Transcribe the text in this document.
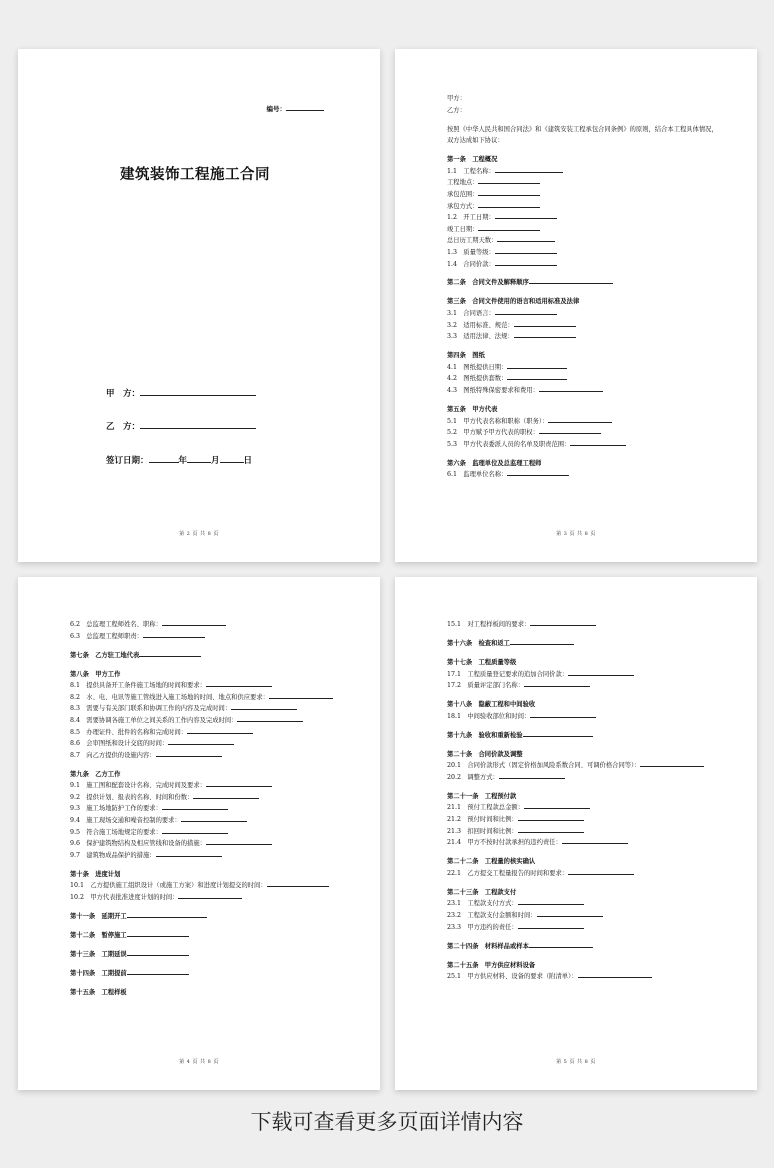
编号：
建筑装饰工程施工合同
甲　方：
乙　方：
签订日期：	年	月	日
第 2 页 共 8 页
甲方：
乙方：
按照《中华人民共和国合同法》和《建筑安装工程承包合同条例》的原则，结合本工程具体情况，
双方达成如下协议：
第一条　工程概况
1.1　工程名称：
工程地点：
承包范围：
承包方式：
1.2　开工日期：
竣工日期：
总日历工期天数：
1.3　质量等级：
1.4　合同价款：
第二条　合同文件及解释顺序
第三条　合同文件使用的语言和适用标准及法律
3.1　合同语言：
3.2　适用标准、规范：
3.3　适用法律、法规：
第四条　图纸
4.1　图纸提供日期：
4.2　图纸提供套数：
4.3　图纸特殊保密要求和费用：
第五条　甲方代表
5.1　甲方代表名称和职称（职务）：
5.2　甲方赋予甲方代表的职权：
5.3　甲方代表委派人员的名单及职责范围：
第六条　监理单位及总监理工程师
6.1　监理单位名称：
第 3 页 共 8 页
6.2　总监理工程师姓名、职称：
6.3　总监理工程师职责：
第七条　乙方驻工地代表
第八条　甲方工作
8.1　提供具备开工条件施工场地的时间和要求：
8.2　水、电、电讯等施工管线进入施工场地的时间、地点和供应要求：
8.3　需要与有关部门联系和协调工作的内容及完成时间：
8.4　需要协调各施工单位之间关系的工作内容及完成时间：
8.5　办理证件、批件的名称和完成时间：
8.6　会审图纸和设计交底的时间：
8.7　向乙方提供的设施内容：
第九条　乙方工作
9.1　施工图和配套设计名称、完成时间及要求：
9.2　提供计划、报表的名称、时间和份数：
9.3　施工场地防护工作的要求：
9.4　施工现场交通和噪音控制的要求：
9.5　符合施工场地规定的要求：
9.6　保护建筑物结构及相应管线和设备的措施：
9.7　建筑物成品保护的措施：
第十条　进度计划
10.1　乙方提供施工组织设计（或施工方案）和进度计划提交的时间：
10.2　甲方代表批准进度计划的时间：
第十一条　延期开工
第十二条　暂停施工
第十三条　工期延误
第十四条　工期提前
第十五条　工程样板
第 4 页 共 8 页
15.1　对工程样板间的要求：
第十六条　检查和返工
第十七条　工程质量等级
17.1　工程质量登记要求的追加合同价款：
17.2　质量评定部门名称：
第十八条　隐蔽工程和中间验收
18.1　中间验收部位和时间：
第十九条　验收和重新检验
第二十条　合同价款及调整
20.1　合同价款形式（固定价格加风险系数合同、可调价格合同等）：
20.2　调整方式：
第二十一条　工程预付款
21.1　预付工程款总金额：
21.2　预付时间和比例：
21.3　扣回时间和比例：
21.4　甲方不按时付款承担的违约责任：
第二十二条　工程量的核实确认
22.1　乙方提交工程量报告的时间和要求：
第二十三条　工程款支付
23.1　工程款支付方式：
23.2　工程款支付金额和时间：
23.3　甲方违约的责任：
第二十四条　材料样品或样本
第二十五条　甲方供应材料设备
25.1　甲方供应材料、设备的要求（附清单）：
第 5 页 共 8 页
下载可查看更多页面详情内容
